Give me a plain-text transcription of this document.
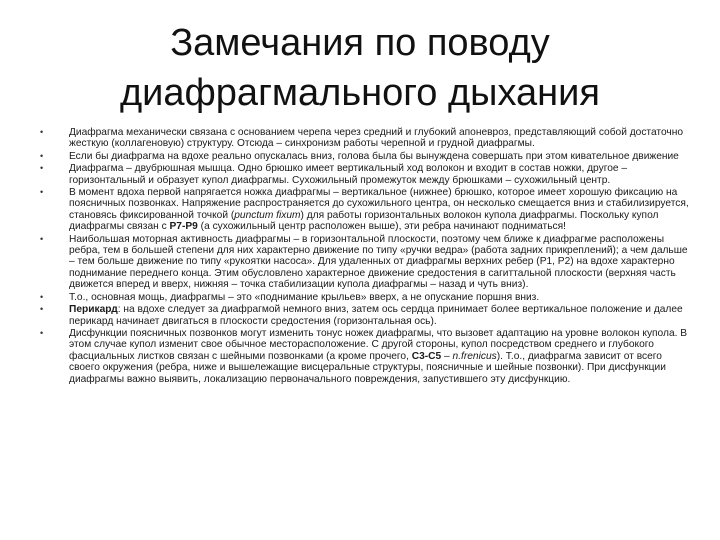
Замечания по поводу
диафрагмального дыхания
•	Диафрагма механически связана с основанием черепа через средний и глубокий апоневроз, представляющий собой достаточно жесткую (коллагеновую) структуру. Отсюда – синхронизм работы черепной и грудной диафрагмы.
•	Если бы диафрагма на вдохе реально опускалась вниз, голова была бы вынуждена совершать при этом кивательное движение
•	Диафрагма – двубрюшная мышца. Одно брюшко имеет вертикальный ход волокон и входит в состав ножки, другое – горизонтальный и образует купол диафрагмы. Сухожильный промежуток между брюшками – сухожильный центр.
•	В момент вдоха первой напрягается ножка диафрагмы – вертикальное (нижнее) брюшко, которое имеет хорошую фиксацию на поясничных позвонках. Напряжение распространяется до сухожильного центра, он несколько смещается вниз и стабилизируется, становясь фиксированной точкой (punctum fixum) для работы горизонтальных волокон купола диафрагмы. Поскольку купол диафрагмы связан с Р7-Р9 (а сухожильный центр расположен выше), эти ребра начинают подниматься!
•	Наибольшая моторная активность диафрагмы – в горизонтальной плоскости, поэтому чем ближе к диафрагме расположены ребра, тем в большей степени для них характерно движение по типу «ручки ведра» (работа задних прикреплений); а чем дальше – тем больше движение по типу «рукоятки насоса». Для удаленных от диафрагмы верхних ребер (Р1, Р2) на вдохе характерно поднимание переднего конца. Этим обусловлено характерное движение средостения в сагиттальной плоскости (верхняя часть движется вперед и вверх, нижняя – точка стабилизации купола диафрагмы – назад и чуть вниз).
•	Т.о., основная мощь, диафрагмы – это «поднимание крыльев» вверх, а не опускание поршня вниз.
•	Перикард: на вдохе следует за диафрагмой немного вниз, затем ось сердца принимает более вертикальное положение и далее перикард начинает двигаться в плоскости средостения (горизонтальная ось).
•	Дисфункции поясничных позвонков могут изменить тонус ножек диафрагмы, что вызовет адаптацию на уровне волокон купола. В этом случае купол изменит свое обычное месторасположение. С другой стороны, купол посредством среднего и глубокого фасциальных листков связан с шейными позвонками (а кроме прочего, С3-С5 – n.frenicus). Т.о., диафрагма зависит от всего своего окружения (ребра, ниже и вышележащие висцеральные структуры, поясничные и шейные позвонки). При дисфункции диафрагмы важно выявить, локализацию первоначального повреждения, запустившего эту дисфункцию.
